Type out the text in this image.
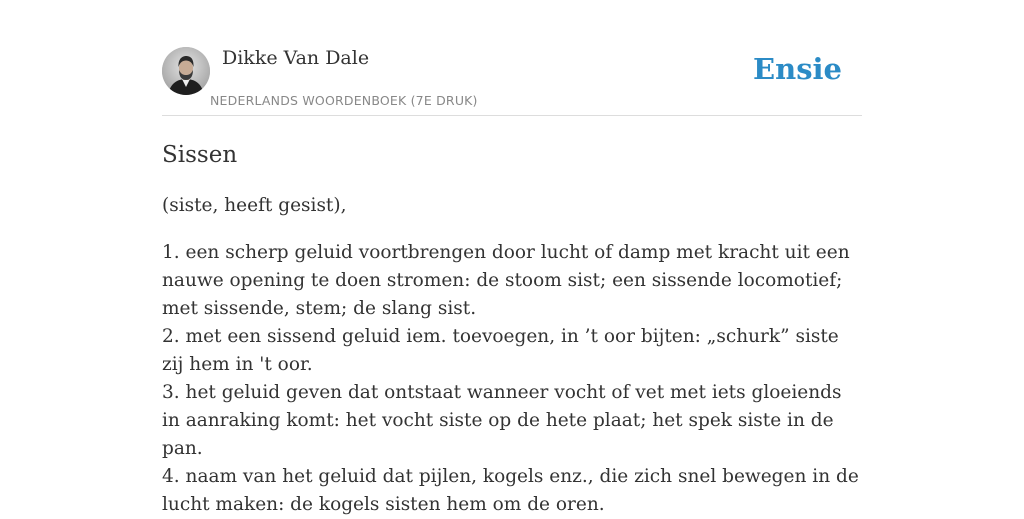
Dikke Van Dale
NEDERLANDS WOORDENBOEK (7E DRUK)
Ensie
Sissen
(siste, heeft gesist),
1. een scherp geluid voortbrengen door lucht of damp met kracht uit een nauwe opening te doen stromen: de stoom sist; een sissende locomotief; met sissende, stem; de slang sist.
2. met een sissend geluid iem. toevoegen, in ’t oor bijten: „schurk” siste zij hem in 't oor.
3. het geluid geven dat ontstaat wanneer vocht of vet met iets gloeiends in aanraking komt: het vocht siste op de hete plaat; het spek siste in de pan.
4. naam van het geluid dat pijlen, kogels enz., die zich snel bewegen in de lucht maken: de kogels sisten hem om de oren.
